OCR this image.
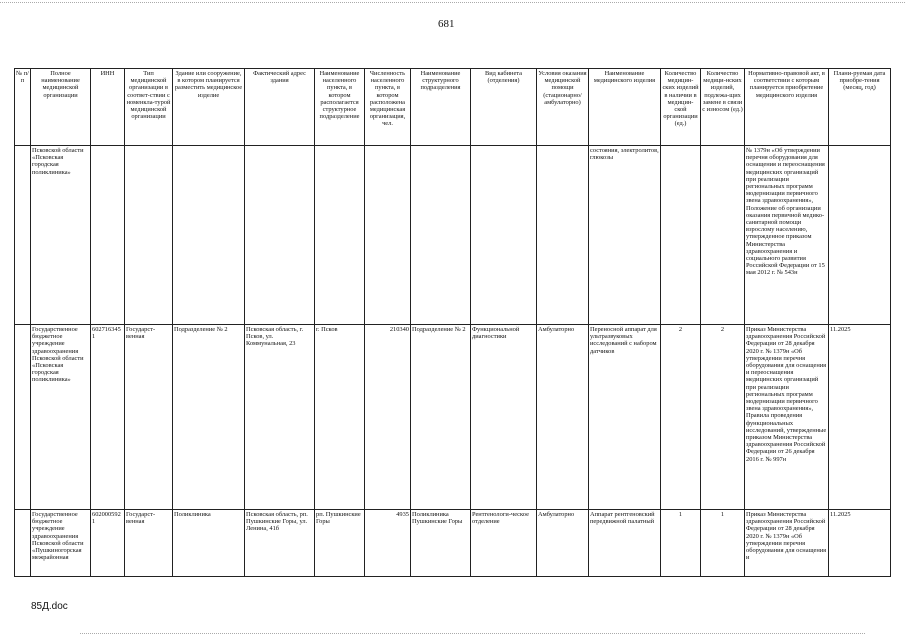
681
№ п/п	Полное наименование медицинской организации	ИНН	Тип медицинской организации в соответ-ствии с номенкла-турой медицинской организации	Здание или сооружение, в котором планируется разместить медицинское изделие	Фактический адрес здания	Наименование населенного пункта, в котором располагается структурное подразделение	Численность населенного пункта, в котором расположена медицинская организация, чел.	Наименование структурного подразделения	Вид кабинета (отделения)	Условия оказания медицинской помощи (стационарно/ амбулаторно)	Наименование медицинского изделия	Количество медицин-ских изделий в наличии в медицин-ской организации (ед.)	Количество медици-нских изделий, подлежа-щих замене в связи с износом (ед.)	Нормативно-правовой акт, в соответствии с которым планируется приобретение медицинского изделия	Плани-руемая дата приобре-тения (месяц, год)
	Псковской области «Псковская городская поликлиника»										состояния, электролитов, глюкозы			№ 1379н «Об утверждении перечня оборудования для оснащения и переоснащения медицинских организаций при реализации региональных программ модернизации первичного звена здравоохранения», Положение об организации оказания первичной медико-санитарной помощи взрослому населению, утвержденное приказом Министерства здравоохранения и социального развития Российской Федерации от 15 мая 2012 г. № 543н	
	Государственное бюджетное учреждение здравоохранения Псковской области «Псковская городская поликлиника»	6027163451	Государст-венная	Подразделение № 2	Псковская область, г. Псков, ул. Коммунальная, 23	г. Псков	210340	Подразделение № 2	Функциональной диагностики	Амбулаторно	Переносной аппарат для ультразвуковых исследований с набором датчиков	2	2	Приказ Министерства здравоохранения Российской Федерации от 28 декабря 2020 г. № 1379н «Об утверждении перечня оборудования для оснащения и переоснащения медицинских организаций при реализации региональных программ модернизации первичного звена здравоохранения», Правила проведения функциональных исследований, утвержденные приказом Министерства здравоохранения Российской Федерации от 26 декабря 2016 г. № 997н	11.2025
	Государственное бюджетное учреждение здравоохранения Псковской области «Пушкиногорская межрайонная	6020005921	Государст-венная	Поликлиника	Псковская область, рп. Пушкинские Горы, ул. Ленина, 41б	рп. Пушкинские Горы	4935	Поликлиника Пушкинские Горы	Рентгенологи-ческое отделение	Амбулаторно	Аппарат рентгеновский передвижной палатный	1	1	Приказ Министерства здравоохранения Российской Федерации от 28 декабря 2020 г. № 1379н «Об утверждении перечня оборудования для оснащения и	11.2025
85Д.doc
